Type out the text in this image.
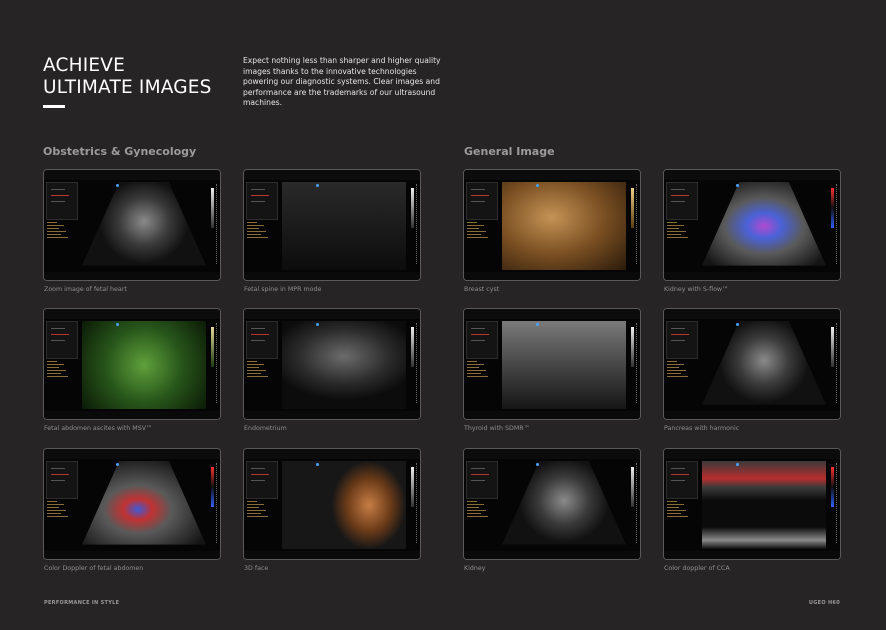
ACHIEVE
ULTIMATE IMAGES
Expect nothing less than sharper and higher quality images thanks to the innovative technologies powering our diagnostic systems. Clear images and performance are the trademarks of our ultrasound machines.
Obstetrics & Gynecology	General Image
Zoom image of fetal heart	Fetal spine in MPR mode	Breast cyst	Kidney with S-flow™
Fetal abdomen ascites with MSV™	Endometrium	Thyroid with SDMR™	Pancreas with harmonic
Color Doppler of fetal abdomen	3D face	Kidney	Color doppler of CCA
PERFORMANCE IN STYLE	UGEO H60
